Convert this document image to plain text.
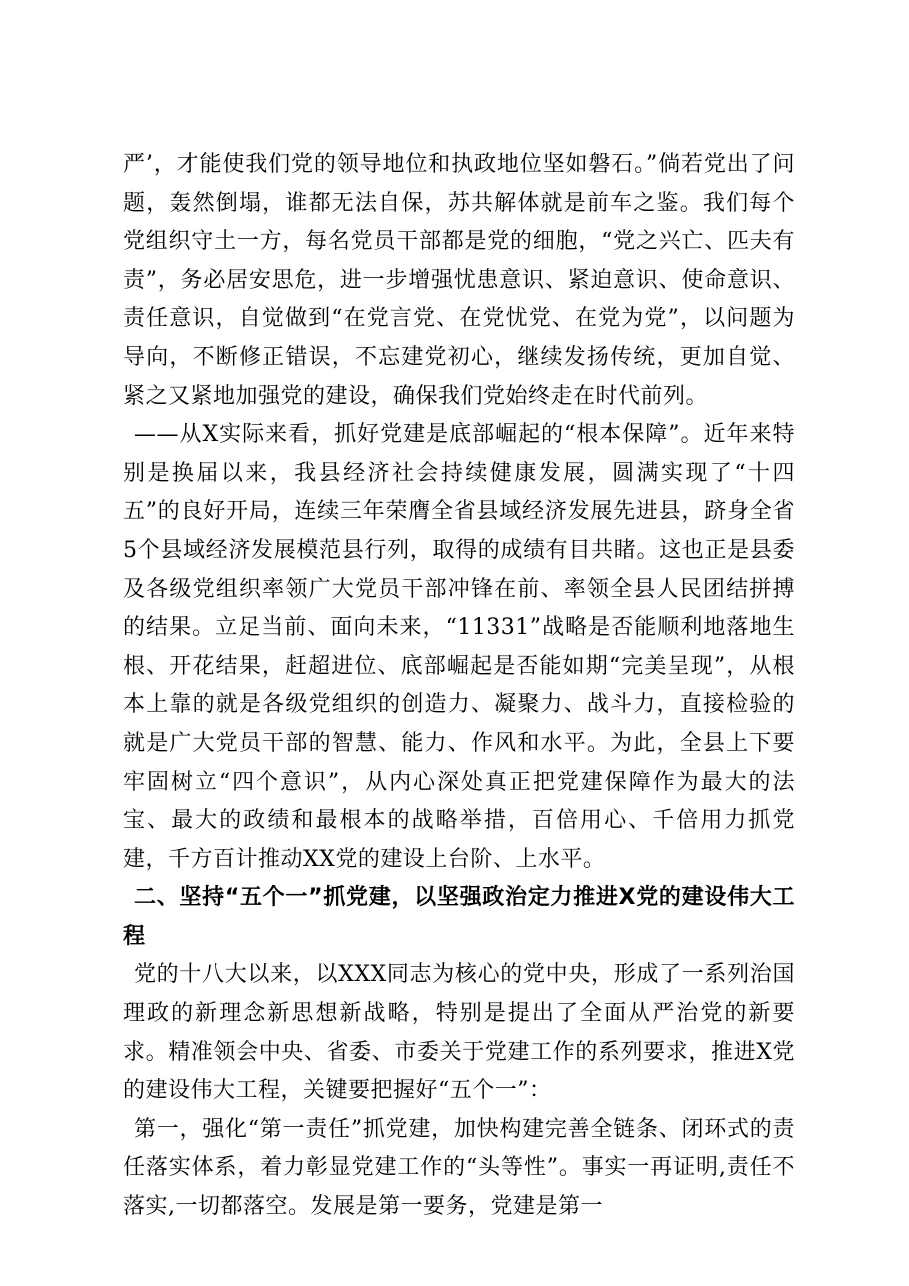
严’，才能使我们党的领导地位和执政地位坚如磐石。”倘若党出了问题，轰然倒塌，谁都无法自保，苏共解体就是前车之鉴。我们每个党组织守土一方，每名党员干部都是党的细胞，“党之兴亡、匹夫有责”，务必居安思危，进一步增强忧患意识、紧迫意识、使命意识、责任意识，自觉做到“在党言党、在党忧党、在党为党”，以问题为导向，不断修正错误，不忘建党初心，继续发扬传统，更加自觉、紧之又紧地加强党的建设，确保我们党始终走在时代前列。

——从X实际来看，抓好党建是底部崛起的“根本保障”。近年来特别是换届以来，我县经济社会持续健康发展，圆满实现了“十四五”的良好开局，连续三年荣膺全省县域经济发展先进县，跻身全省5个县域经济发展模范县行列，取得的成绩有目共睹。这也正是县委及各级党组织率领广大党员干部冲锋在前、率领全县人民团结拼搏的结果。立足当前、面向未来，“11331”战略是否能顺利地落地生根、开花结果，赶超进位、底部崛起是否能如期“完美呈现”，从根本上靠的就是各级党组织的创造力、凝聚力、战斗力，直接检验的就是广大党员干部的智慧、能力、作风和水平。为此，全县上下要牢固树立“四个意识”，从内心深处真正把党建保障作为最大的法宝、最大的政绩和最根本的战略举措，百倍用心、千倍用力抓党建，千方百计推动XX党的建设上台阶、上水平。

二、坚持“五个一”抓党建，以坚强政治定力推进X党的建设伟大工程

党的十八大以来，以XXX同志为核心的党中央，形成了一系列治国理政的新理念新思想新战略，特别是提出了全面从严治党的新要求。精准领会中央、省委、市委关于党建工作的系列要求，推进X党的建设伟大工程，关键要把握好“五个一”：

第一，强化“第一责任”抓党建，加快构建完善全链条、闭环式的责任落实体系，着力彰显党建工作的“头等性”。事实一再证明,责任不落实,一切都落空。发展是第一要务，党建是第一
